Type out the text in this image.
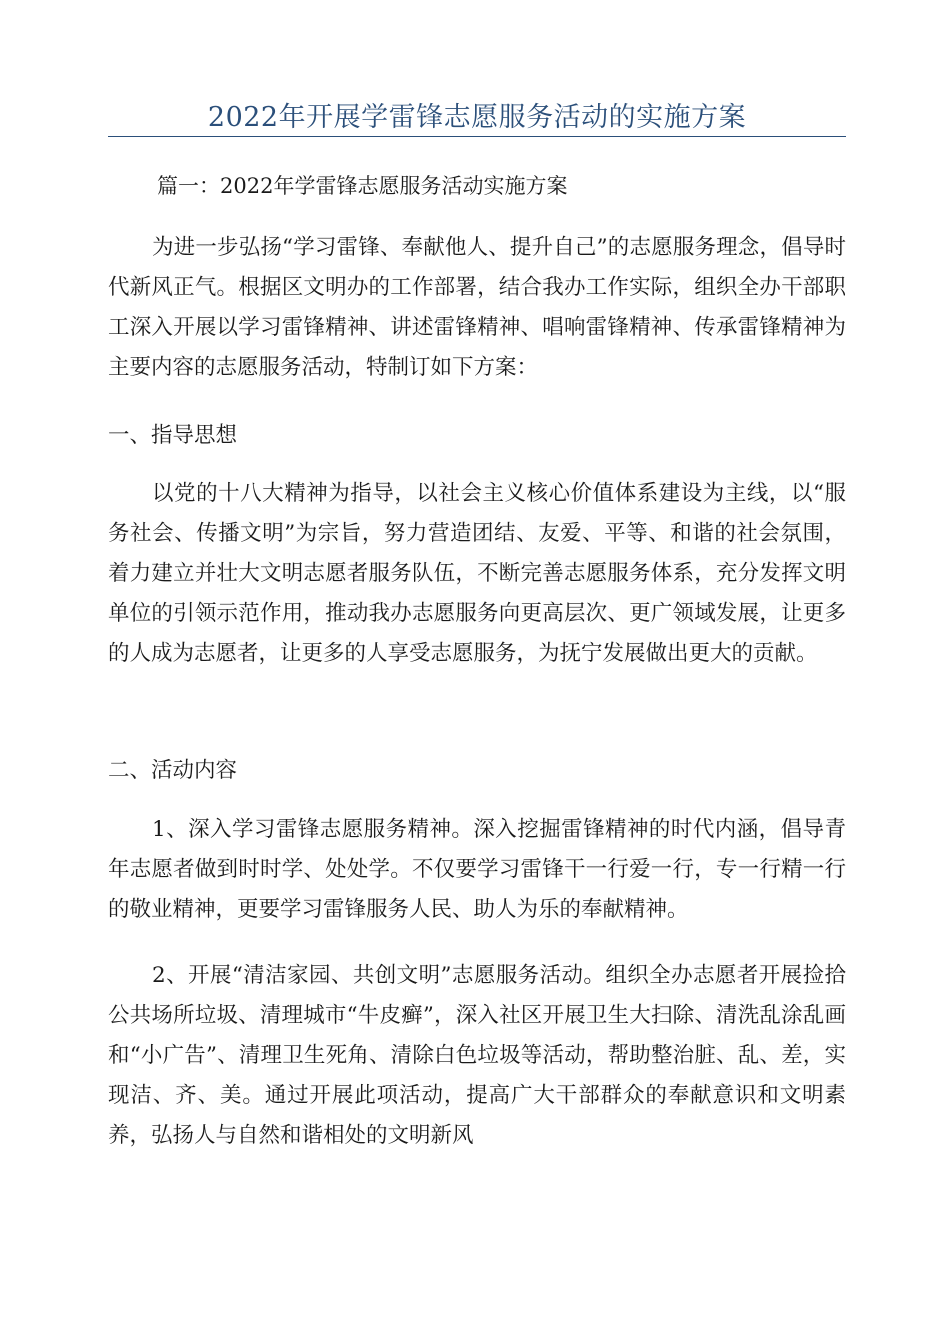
2022年开展学雷锋志愿服务活动的实施方案
篇一：2022年学雷锋志愿服务活动实施方案

为进一步弘扬“学习雷锋、奉献他人、提升自己”的志愿服务理念，倡导时代新风正气。根据区文明办的工作部署，结合我办工作实际，组织全办干部职工深入开展以学习雷锋精神、讲述雷锋精神、唱响雷锋精神、传承雷锋精神为主要内容的志愿服务活动，特制订如下方案：

一、指导思想

以党的十八大精神为指导，以社会主义核心价值体系建设为主线，以“服务社会、传播文明”为宗旨，努力营造团结、友爱、平等、和谐的社会氛围，着力建立并壮大文明志愿者服务队伍，不断完善志愿服务体系，充分发挥文明单位的引领示范作用，推动我办志愿服务向更高层次、更广领域发展，让更多的人成为志愿者，让更多的人享受志愿服务，为抚宁发展做出更大的贡献。

二、活动内容

1、深入学习雷锋志愿服务精神。深入挖掘雷锋精神的时代内涵，倡导青年志愿者做到时时学、处处学。不仅要学习雷锋干一行爱一行，专一行精一行的敬业精神，更要学习雷锋服务人民、助人为乐的奉献精神。

2、开展“清洁家园、共创文明”志愿服务活动。组织全办志愿者开展捡拾公共场所垃圾、清理城市“牛皮癣”，深入社区开展卫生大扫除、清洗乱涂乱画和“小广告”、清理卫生死角、清除白色垃圾等活动，帮助整治脏、乱、差，实现洁、齐、美。通过开展此项活动，提高广大干部群众的奉献意识和文明素养，弘扬人与自然和谐相处的文明新风
